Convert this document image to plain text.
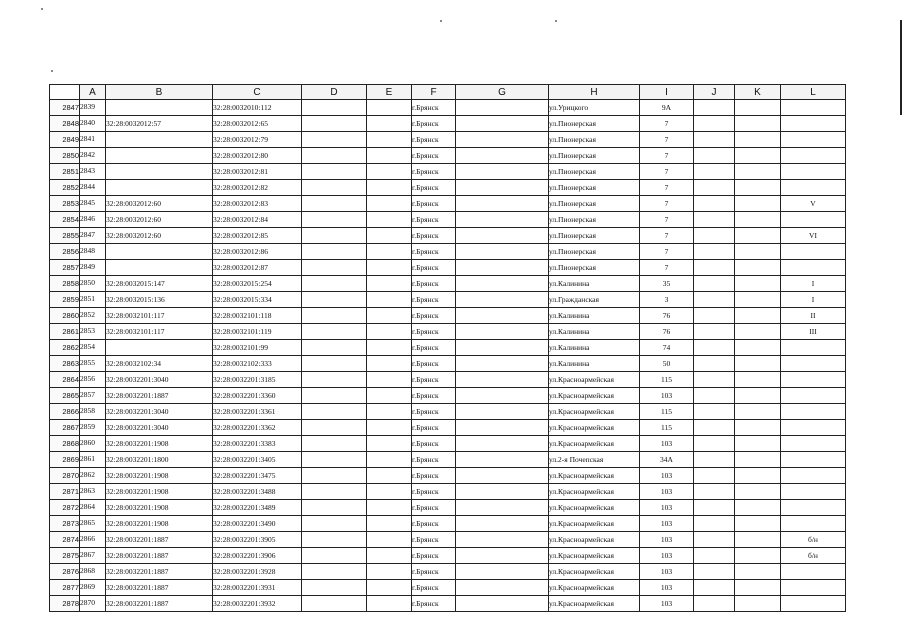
	A	B	C	D	E	F	G	H	I	J	K	L
2847	2839		32:28:0032010:112			г.Брянск		ул.Урицкого	9А			
2848	2840	32:28:0032012:57	32:28:0032012:65			г.Брянск		ул.Пионерская	7			
2849	2841		32:28:0032012:79			г.Брянск		ул.Пионерская	7			
2850	2842		32:28:0032012:80			г.Брянск		ул.Пионерская	7			
2851	2843		32:28:0032012:81			г.Брянск		ул.Пионерская	7			
2852	2844		32:28:0032012:82			г.Брянск		ул.Пионерская	7			
2853	2845	32:28:0032012:60	32:28:0032012:83			г.Брянск		ул.Пионерская	7			V
2854	2846	32:28:0032012:60	32:28:0032012:84			г.Брянск		ул.Пионерская	7			
2855	2847	32:28:0032012:60	32:28:0032012:85			г.Брянск		ул.Пионерская	7			VI
2856	2848		32:28:0032012:86			г.Брянск		ул.Пионерская	7			
2857	2849		32:28:0032012:87			г.Брянск		ул.Пионерская	7			
2858	2850	32:28:0032015:147	32:28:0032015:254			г.Брянск		ул.Калинина	35			I
2859	2851	32:28:0032015:136	32:28:0032015:334			г.Брянск		ул.Гражданская	3			I
2860	2852	32:28:0032101:117	32:28:0032101:118			г.Брянск		ул.Калинина	76			II
2861	2853	32:28:0032101:117	32:28:0032101:119			г.Брянск		ул.Калинина	76			III
2862	2854		32:28:0032101:99			г.Брянск		ул.Калинина	74			
2863	2855	32:28:0032102:34	32:28:0032102:333			г.Брянск		ул.Калинина	50			
2864	2856	32:28:0032201:3040	32:28:0032201:3185			г.Брянск		ул.Красноармейская	115			
2865	2857	32:28:0032201:1887	32:28:0032201:3360			г.Брянск		ул.Красноармейская	103			
2866	2858	32:28:0032201:3040	32:28:0032201:3361			г.Брянск		ул.Красноармейская	115			
2867	2859	32:28:0032201:3040	32:28:0032201:3362			г.Брянск		ул.Красноармейская	115			
2868	2860	32:28:0032201:1908	32:28:0032201:3383			г.Брянск		ул.Красноармейская	103			
2869	2861	32:28:0032201:1800	32:28:0032201:3405			г.Брянск		ул.2-я Почепская	34А			
2870	2862	32:28:0032201:1908	32:28:0032201:3475			г.Брянск		ул.Красноармейская	103			
2871	2863	32:28:0032201:1908	32:28:0032201:3488			г.Брянск		ул.Красноармейская	103			
2872	2864	32:28:0032201:1908	32:28:0032201:3489			г.Брянск		ул.Красноармейская	103			
2873	2865	32:28:0032201:1908	32:28:0032201:3490			г.Брянск		ул.Красноармейская	103			
2874	2866	32:28:0032201:1887	32:28:0032201:3905			г.Брянск		ул.Красноармейская	103			б/н
2875	2867	32:28:0032201:1887	32:28:0032201:3906			г.Брянск		ул.Красноармейская	103			б/н
2876	2868	32:28:0032201:1887	32:28:0032201:3928			г.Брянск		ул.Красноармейская	103			
2877	2869	32:28:0032201:1887	32:28:0032201:3931			г.Брянск		ул.Красноармейская	103			
2878	2870	32:28:0032201:1887	32:28:0032201:3932			г.Брянск		ул.Красноармейская	103			
